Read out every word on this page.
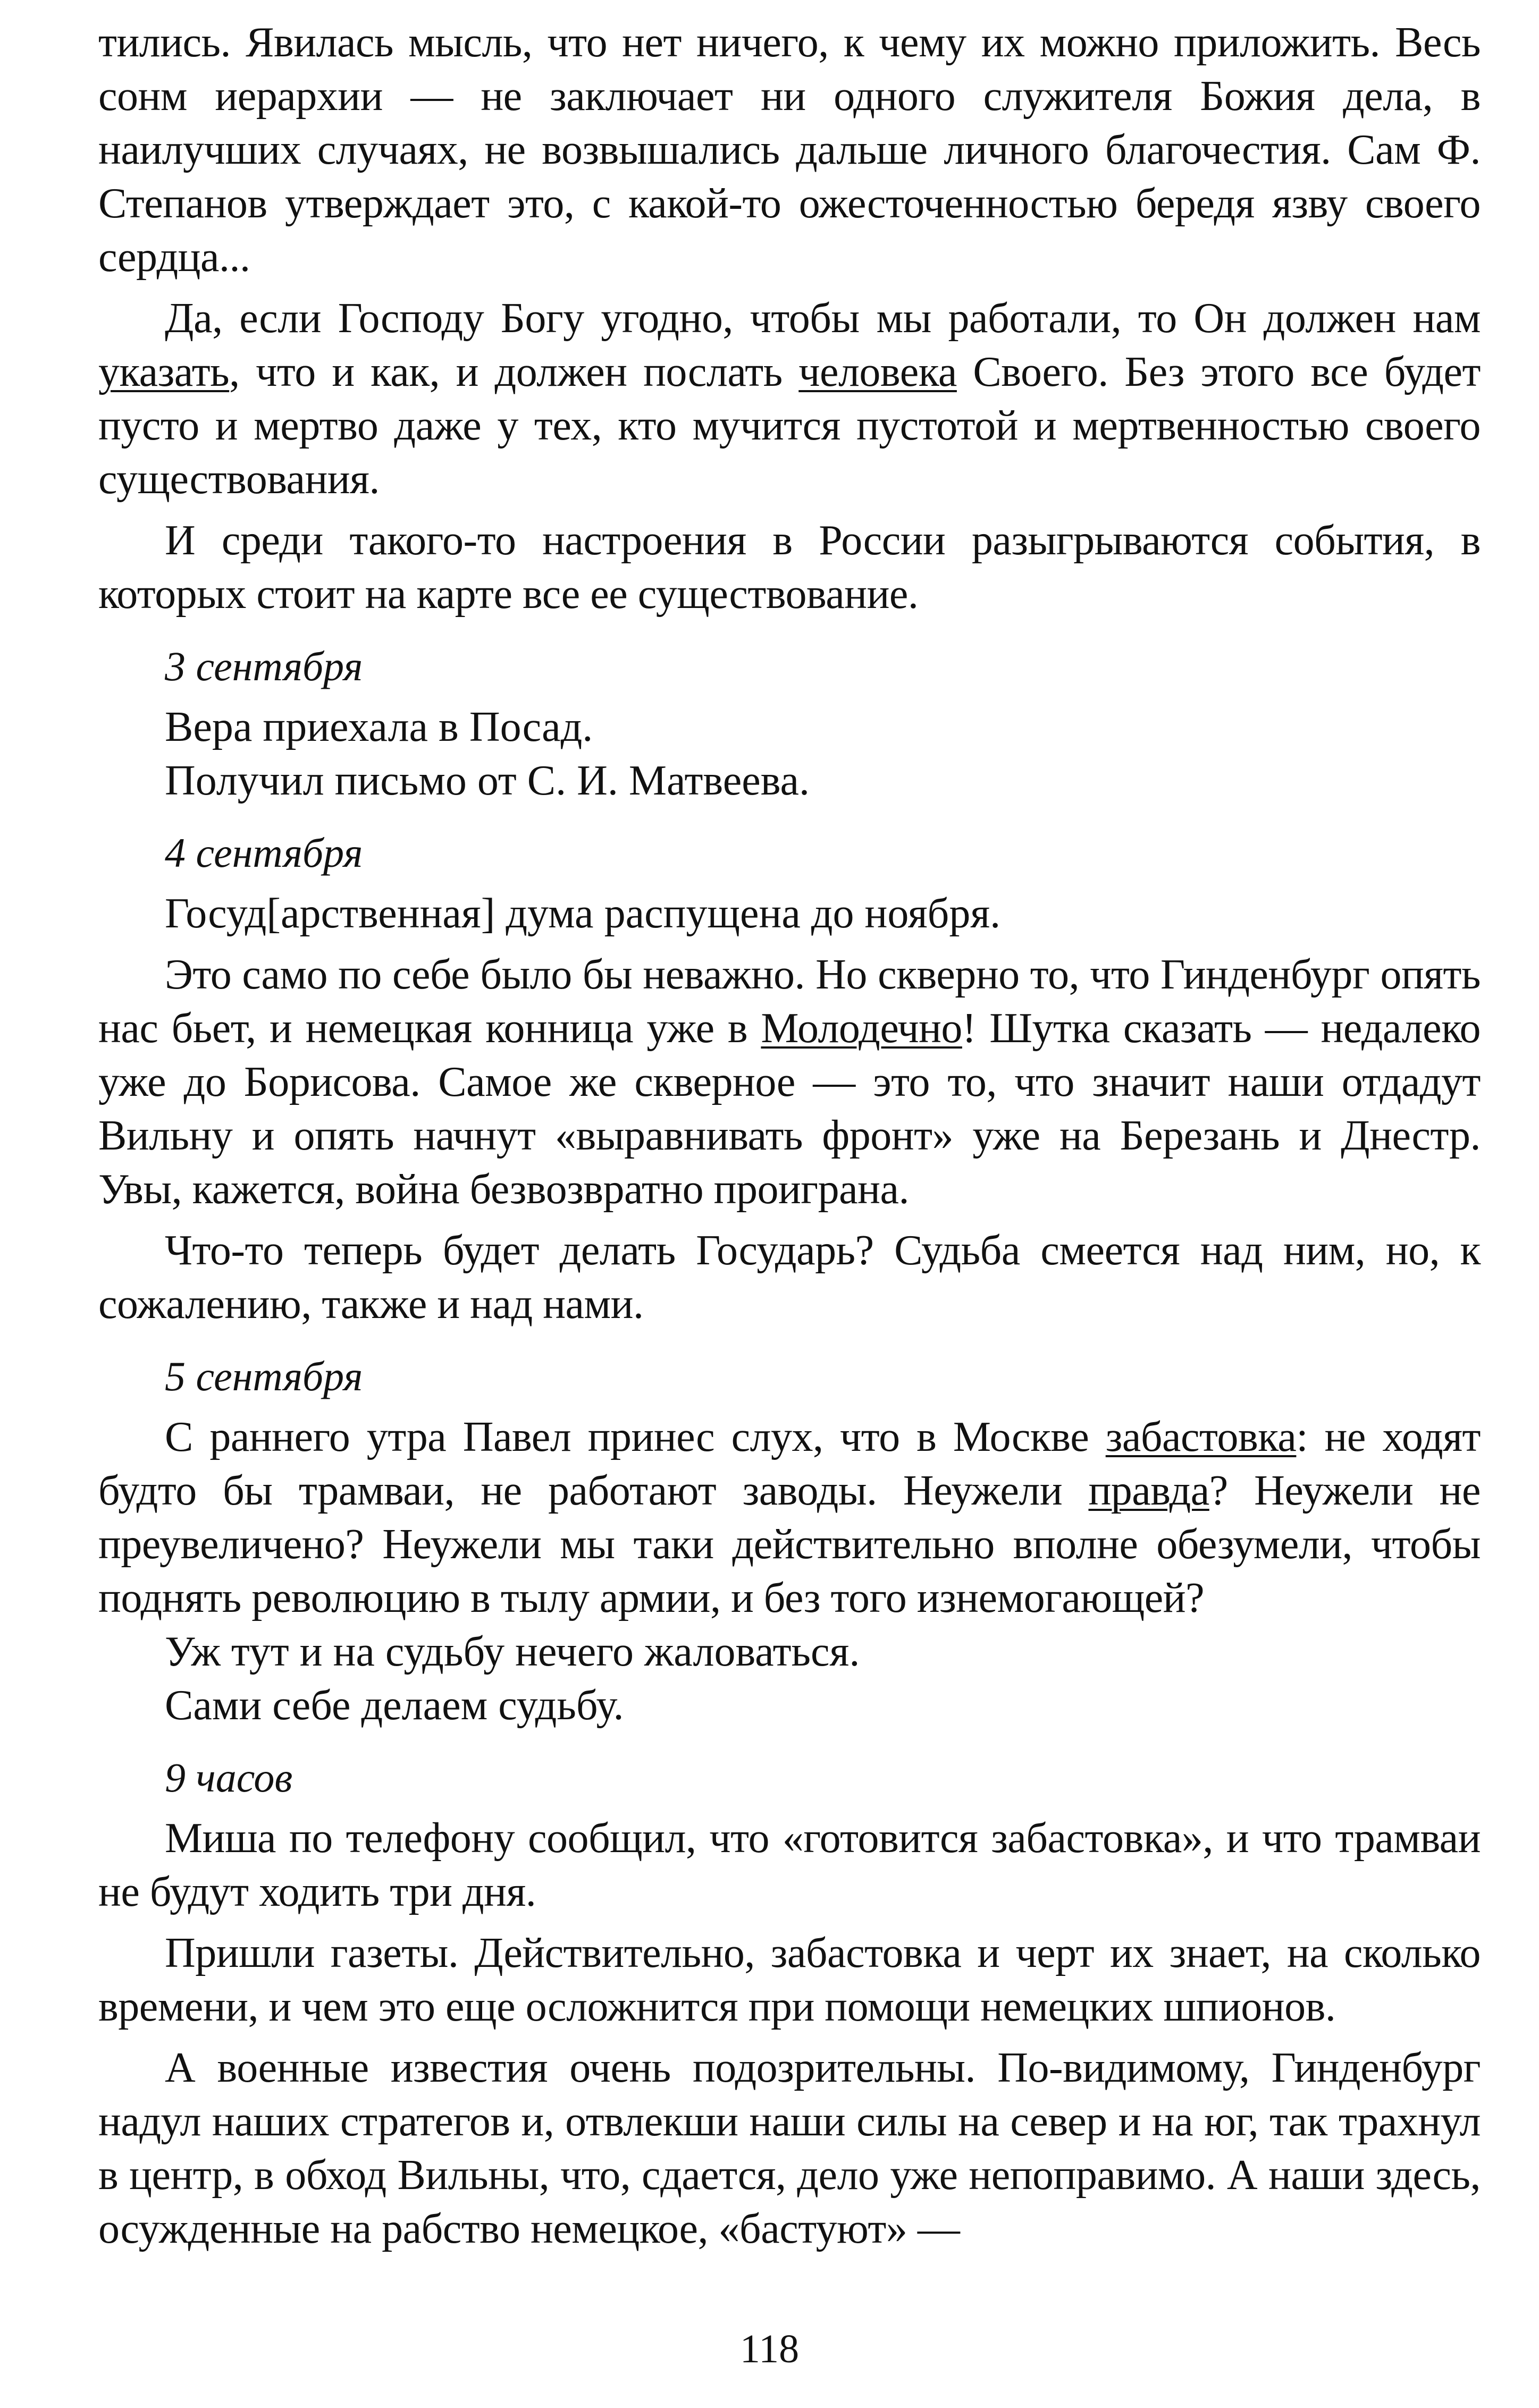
тились. Явилась мысль, что нет ничего, к чему их можно приложить. Весь сонм иерархии — не заключает ни одного служителя Божия дела, в наилучших случаях, не возвышались дальше личного благочестия. Сам Ф. Степанов утверждает это, с какой-то ожесточенностью бередя язву своего сердца...

Да, если Господу Богу угодно, чтобы мы работали, то Он должен нам указать, что и как, и должен послать человека Своего. Без этого все будет пусто и мертво даже у тех, кто мучится пустотой и мертвенностью своего существования.

И среди такого-то настроения в России разыгрываются события, в которых стоит на карте все ее существование.

3 сентября

Вера приехала в Посад.

Получил письмо от С. И. Матвеева.

4 сентября

Госуд[арственная] дума распущена до ноября.

Это само по себе было бы неважно. Но скверно то, что Гинденбург опять нас бьет, и немецкая конница уже в Молодечно! Шутка сказать — недалеко уже до Борисова. Самое же скверное — это то, что значит наши отдадут Вильну и опять начнут «выравнивать фронт» уже на Березань и Днестр. Увы, кажется, война безвозвратно проиграна.

Что-то теперь будет делать Государь? Судьба смеется над ним, но, к сожалению, также и над нами.

5 сентября

С раннего утра Павел принес слух, что в Москве забастовка: не ходят будто бы трамваи, не работают заводы. Неужели правда? Неужели не преувеличено? Неужели мы таки действительно вполне обезумели, чтобы поднять революцию в тылу армии, и без того изнемогающей?

Уж тут и на судьбу нечего жаловаться.

Сами себе делаем судьбу.

9 часов

Миша по телефону сообщил, что «готовится забастовка», и что трамваи не будут ходить три дня.

Пришли газеты. Действительно, забастовка и черт их знает, на сколько времени, и чем это еще осложнится при помощи немецких шпионов.

А военные известия очень подозрительны. По-видимому, Гинденбург надул наших стратегов и, отвлекши наши силы на север и на юг, так трахнул в центр, в обход Вильны, что, сдается, дело уже непоправимо. А наши здесь, осужденные на рабство немецкое, «бастуют» —

118
